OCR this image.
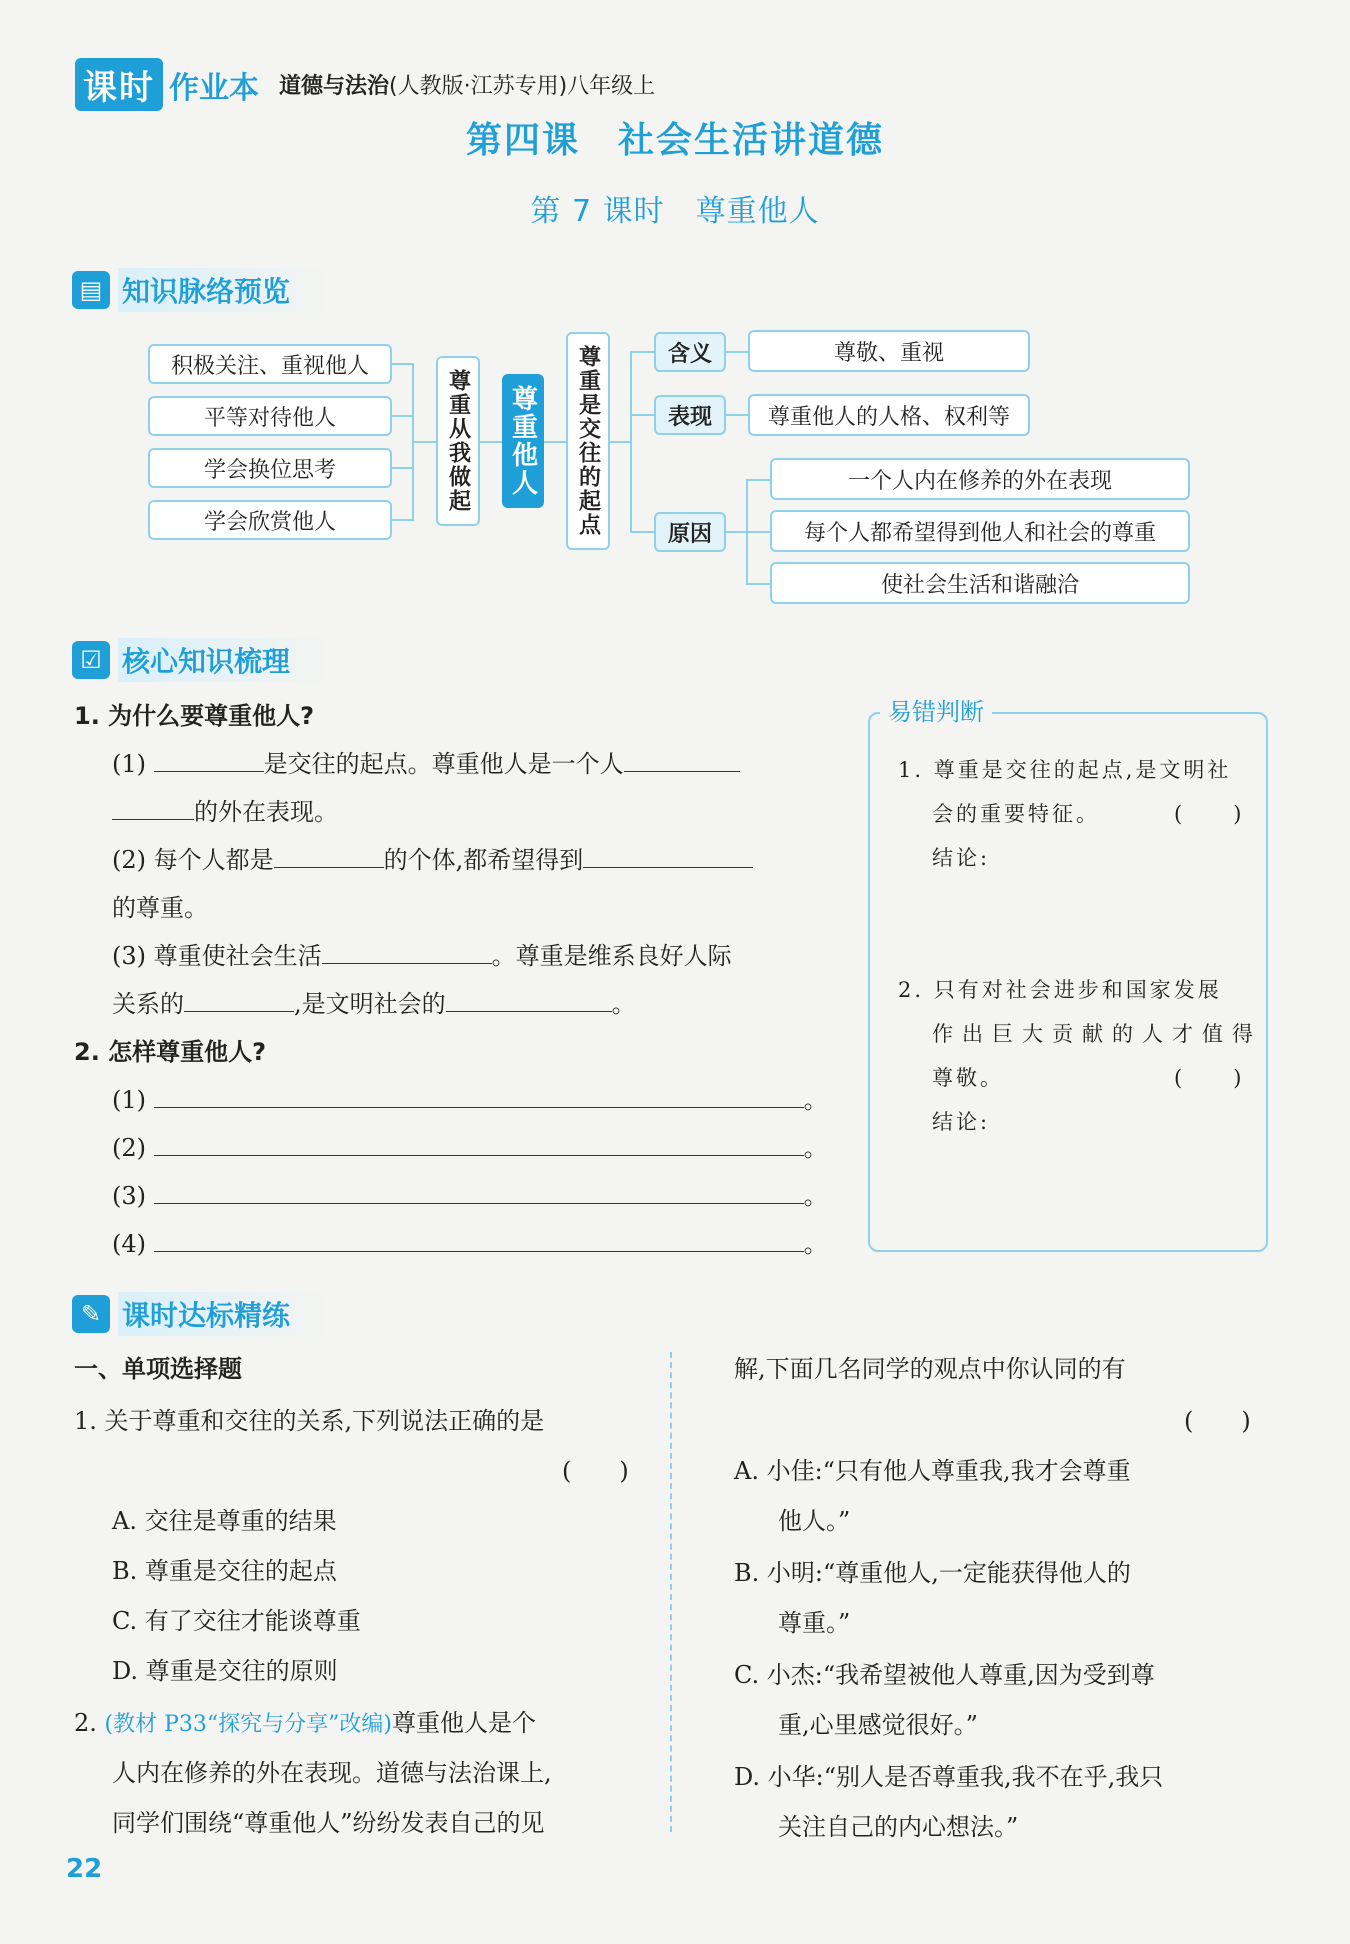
课时 作业本 道德与法治(人教版·江苏专用)八年级上
第四课　社会生活讲道德
第 7 课时　尊重他人
▤ 知识脉络预览
积极关注、重视他人
平等对待他人
学会换位思考
学会欣赏他人
尊重从我做起	尊重他人	尊重是交往的起点	含义
表现
原因
尊敬、重视
尊重他人的人格、权利等
一个人内在修养的外在表现
每个人都希望得到他人和社会的尊重
使社会生活和谐融洽
☑ 核心知识梳理
1. 为什么要尊重他人?
(1)	是交往的起点。尊重他人是一个人
的外在表现。
(2) 每个人都是	的个体,都希望得到
的尊重。
(3) 尊重使社会生活	。尊重是维系良好人际
关系的	,是文明社会的	。
2. 怎样尊重他人?
(1)	。
(2)	。
(3)	。
(4)	。
易错判断
1. 尊重是交往的起点,是文明社
会的重要特征。	(　　)
结论:
2. 只有对社会进步和国家发展
作出巨大贡献的人才值得
尊敬。	(　　)
结论:
✎ 课时达标精练
一、单项选择题
1. 关于尊重和交往的关系,下列说法正确的是
(　　)
A. 交往是尊重的结果
B. 尊重是交往的起点
C. 有了交往才能谈尊重
D. 尊重是交往的原则
2. (教材 P33“探究与分享”改编)尊重他人是个
人内在修养的外在表现。道德与法治课上,
同学们围绕“尊重他人”纷纷发表自己的见
解,下面几名同学的观点中你认同的有
(　　)
A. 小佳:“只有他人尊重我,我才会尊重
他人。”
B. 小明:“尊重他人,一定能获得他人的
尊重。”
C. 小杰:“我希望被他人尊重,因为受到尊
重,心里感觉很好。”
D. 小华:“别人是否尊重我,我不在乎,我只
关注自己的内心想法。”
22
